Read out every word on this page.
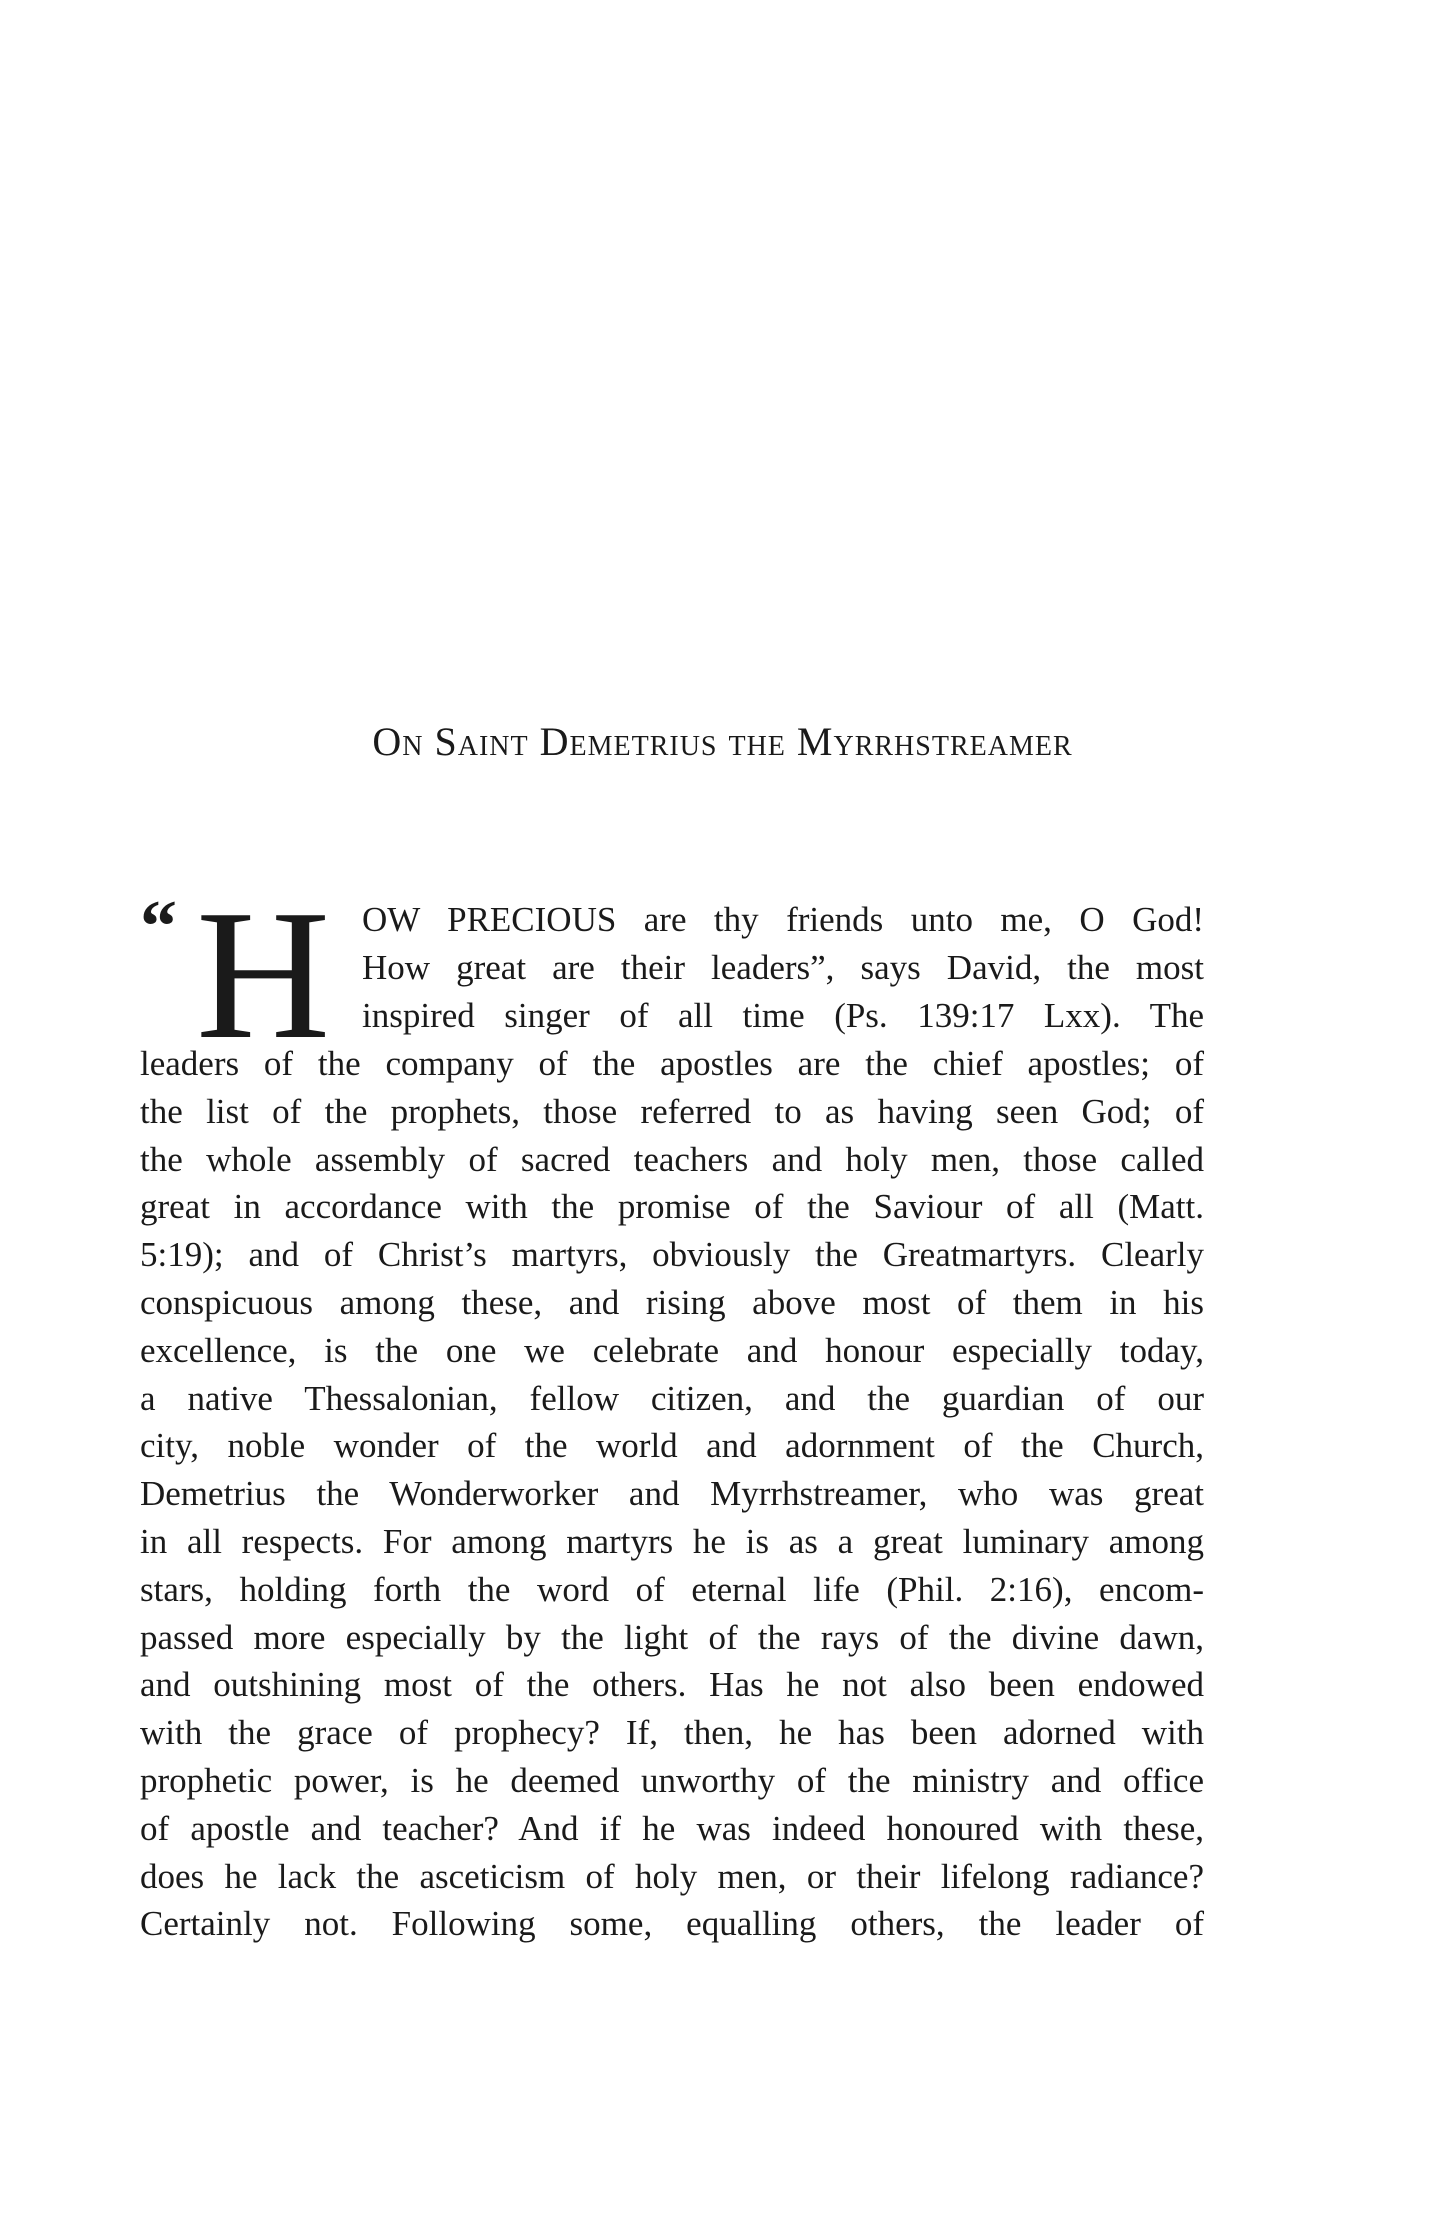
On Saint Demetrius the Myrrhstreamer
“ H OW PRECIOUS are thy friends unto me, O God!
How great are their leaders”, says David, the most
inspired singer of all time (Ps. 139:17 Lxx). The
leaders of the company of the apostles are the chief apostles; of
the list of the prophets, those referred to as having seen God; of
the whole assembly of sacred teachers and holy men, those called
great in accordance with the promise of the Saviour of all (Matt.
5:19); and of Christ’s martyrs, obviously the Greatmartyrs. Clearly
conspicuous among these, and rising above most of them in his
excellence, is the one we celebrate and honour especially today,
a native Thessalonian, fellow citizen, and the guardian of our
city, noble wonder of the world and adornment of the Church,
Demetrius the Wonderworker and Myrrhstreamer, who was great
in all respects. For among martyrs he is as a great luminary among
stars, holding forth the word of eternal life (Phil. 2:16), encom-
passed more especially by the light of the rays of the divine dawn,
and outshining most of the others. Has he not also been endowed
with the grace of prophecy? If, then, he has been adorned with
prophetic power, is he deemed unworthy of the ministry and office
of apostle and teacher? And if he was indeed honoured with these,
does he lack the asceticism of holy men, or their lifelong radiance?
Certainly not. Following some, equalling others, the leader of
